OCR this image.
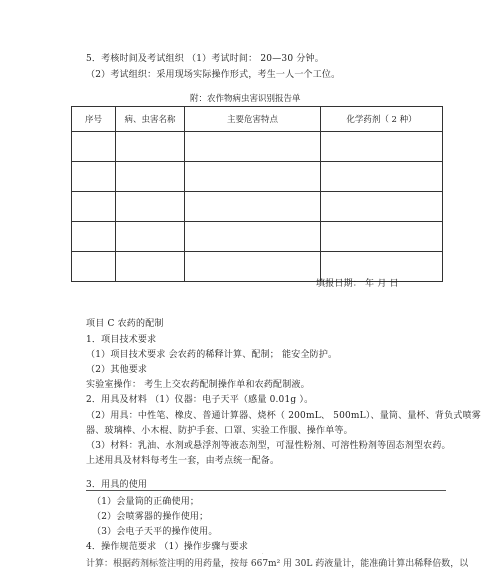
5．考核时间及考试组织 （1）考试时间： 20—30 分钟。
（2）考试组织：采用现场实际操作形式，考生一人一个工位。
附：农作物病虫害识别报告单
序号	病、虫害名称	主要危害特点	化学药剂（ 2 种）

填报日期： 年 月 日
项目 C 农药的配制
1．项目技术要求
（1）项目技术要求 会农药的稀释计算、配制； 能安全防护。
（2）其他要求
实验室操作： 考生上交农药配制操作单和农药配制液。
2．用具及材料 （1）仪器：电子天平（感量 0.01g ）。
（2）用具：中性笔、橡皮、普通计算器、烧杯（ 200mL、 500mL）、量筒、量杯、背负式喷雾
器、玻璃棒、小木棍、防护手套、口罩、实验工作服、操作单等。
（3）材料：乳油、水剂或悬浮剂等液态剂型，可湿性粉剂、可溶性粉剂等固态剂型农药。
上述用具及材料每考生一套，由考点统一配备。
3．用具的使用
（1）会量筒的正确使用；
（2）会喷雾器的操作使用；
（3）会电子天平的操作使用。
4．操作规范要求 （1）操作步骤与要求
·
计算：根据药剂标签注明的用药量，按每 667m² 用 30L 药液量计，能准确计算出稀释倍数，以
